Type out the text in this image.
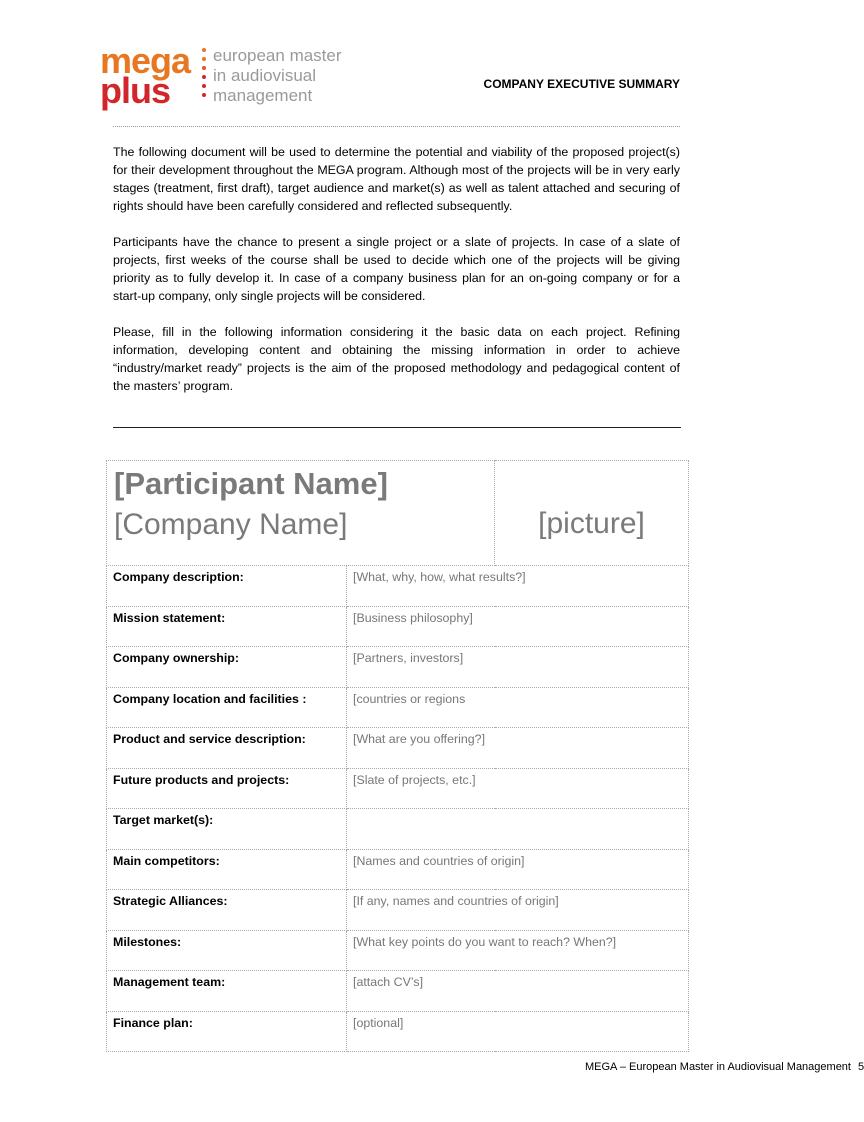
mega
plus
european master
in audiovisual
management
COMPANY EXECUTIVE SUMMARY

The following document will be used to determine the potential and viability of the proposed project(s) for their development throughout the MEGA program. Although most of the projects will be in very early stages (treatment, first draft), target audience and market(s) as well as talent attached and securing of rights should have been carefully considered and reflected subsequently.

Participants have the chance to present a single project or a slate of projects. In case of a slate of projects, first weeks of the course shall be used to decide which one of the projects will be giving priority as to fully develop it. In case of a company business plan for an on-going company or for a start-up company, only single projects will be considered.

Please, fill in the following information considering it the basic data on each project. Refining information, developing content and obtaining the missing information in order to achieve “industry/market ready” projects is the aim of the proposed methodology and pedagogical content of the masters’ program.

[Participant Name]
[Company Name]		[picture]
Company description:	[What, why, how, what results?]	
Mission statement:	[Business philosophy]	
Company ownership:	[Partners, investors]	
Company location and facilities :	[countries or regions	
Product and service description:	[What are you offering?]	
Future products and projects:	[Slate of projects, etc.]	
Target market(s):		
Main competitors:	[Names and countries of origin]	
Strategic Alliances:	[If any, names and countries of origin]	
Milestones:	[What key points do you want to reach? When?]	
Management team:	[attach CV’s]	
Finance plan:	[optional]	
MEGA – European Master in Audiovisual Management 5
